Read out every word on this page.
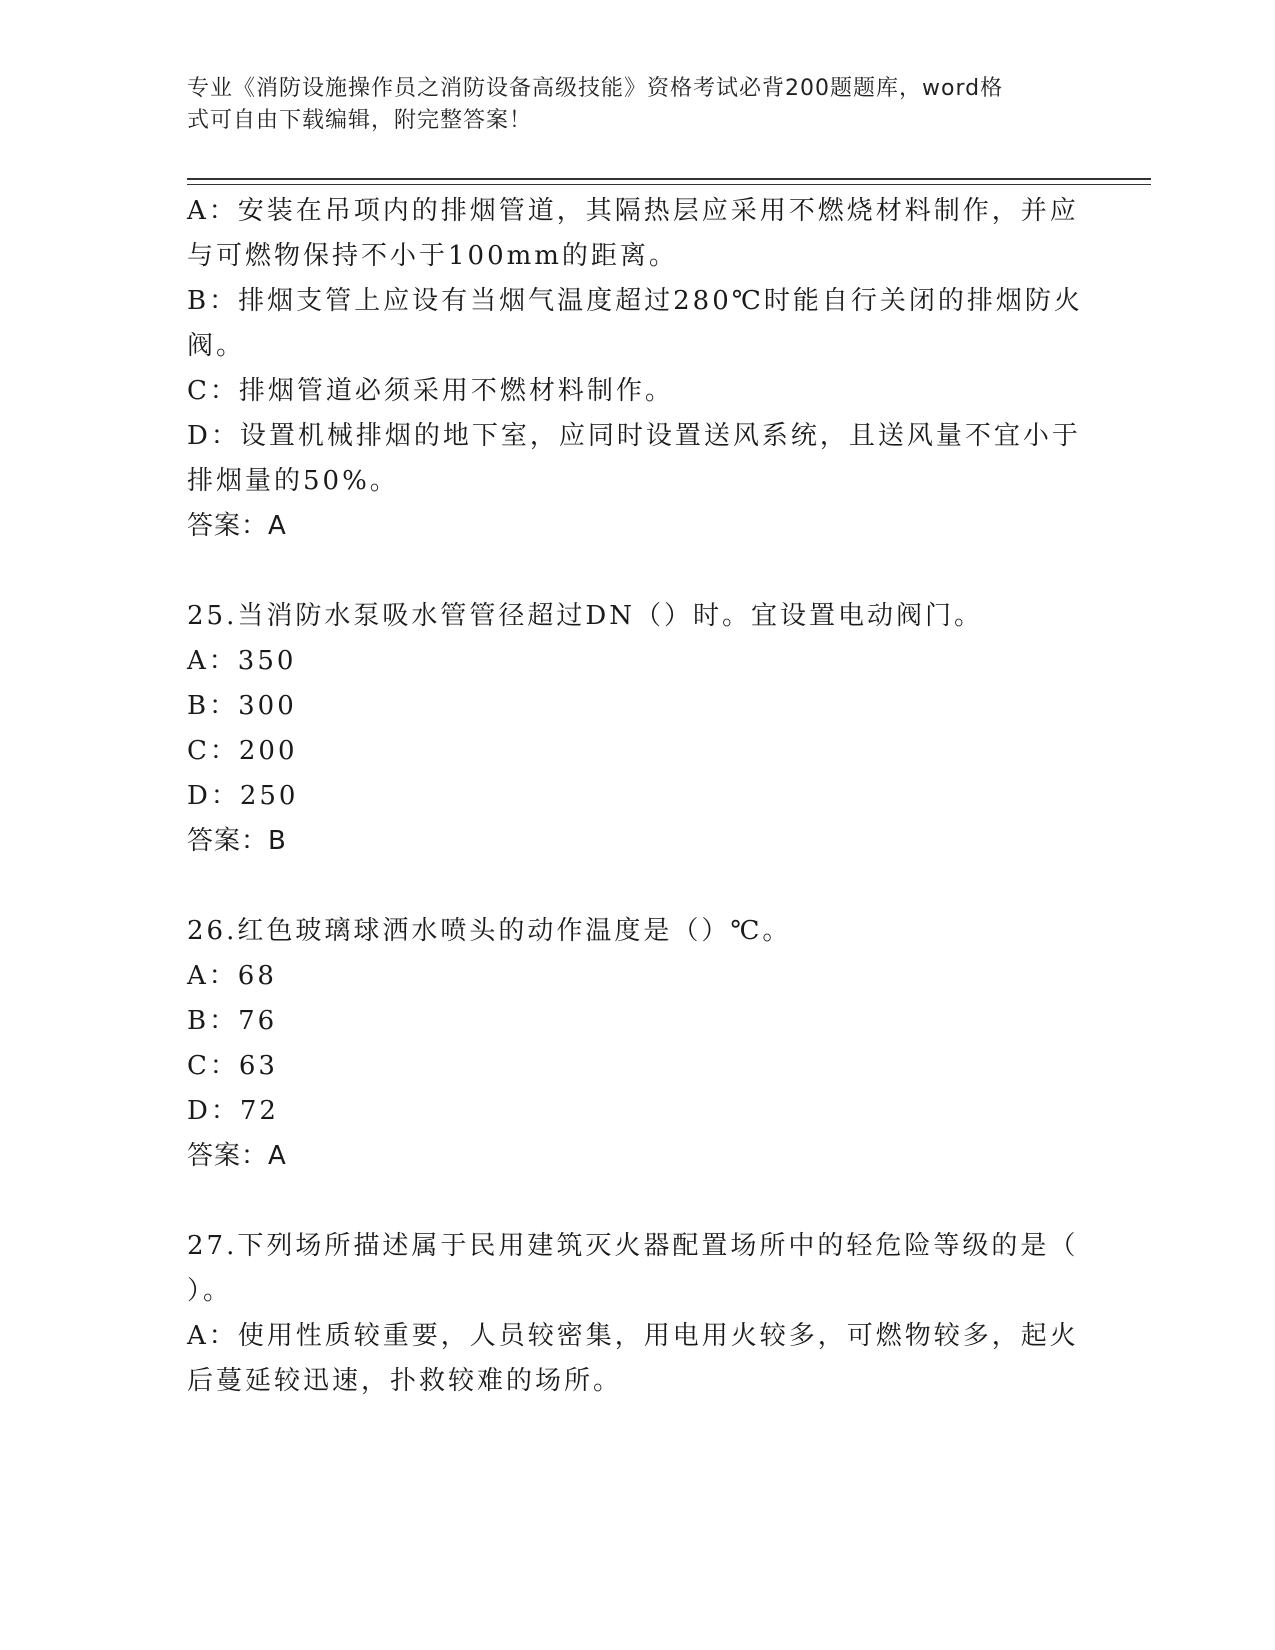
专业《消防设施操作员之消防设备高级技能》资格考试必背200题题库，word格
式可自由下载编辑，附完整答案！
A：安装在吊项内的排烟管道，其隔热层应采用不燃烧材料制作，并应
与可燃物保持不小于100mm的距离。
B：排烟支管上应设有当烟气温度超过280℃时能自行关闭的排烟防火
阀。
C：排烟管道必须采用不燃材料制作。
D：设置机械排烟的地下室，应同时设置送风系统，且送风量不宜小于
排烟量的50%。
答案：A
25.当消防水泵吸水管管径超过DN（）时。宜设置电动阀门。
A：350
B：300
C：200
D：250
答案：B
26.红色玻璃球洒水喷头的动作温度是（）℃。
A：68
B：76
C：63
D：72
答案：A
27.下列场所描述属于民用建筑灭火器配置场所中的轻危险等级的是（
）。
A：使用性质较重要，人员较密集，用电用火较多，可燃物较多，起火
后蔓延较迅速，扑救较难的场所。
